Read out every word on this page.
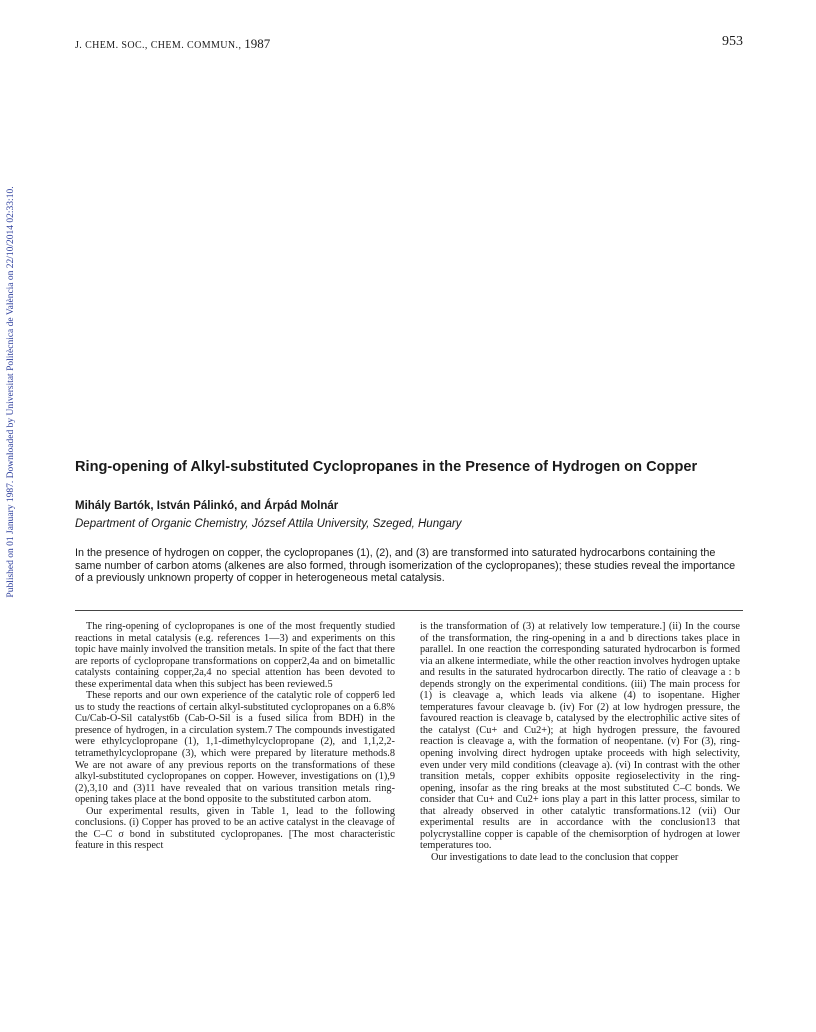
J. CHEM. SOC., CHEM. COMMUN., 1987	953
Published on 01 January 1987. Downloaded by Universitat Politècnica de València on 22/10/2014 02:33:10.	Ring-opening of Alkyl-substituted Cyclopropanes in the Presence of Hydrogen on Copper

Mihály Bartók, István Pálinkó, and Árpád Molnár

Department of Organic Chemistry, József Attila University, Szeged, Hungary

In the presence of hydrogen on copper, the cyclopropanes (1), (2), and (3) are transformed into saturated hydrocarbons containing the same number of carbon atoms (alkenes are also formed, through isomerization of the cyclopropanes); these studies reveal the importance of a previously unknown property of copper in heterogeneous metal catalysis.

The ring-opening of cyclopropanes is one of the most frequently studied reactions in metal catalysis (e.g. references 1—3) and experiments on this topic have mainly involved the transition metals. In spite of the fact that there are reports of cyclopropane transformations on copper2,4a and on bimetallic catalysts containing copper,2a,4 no special attention has been devoted to these experimental data when this subject has been reviewed.5

These reports and our own experience of the catalytic role of copper6 led us to study the reactions of certain alkyl-substituted cyclopropanes on a 6.8% Cu/Cab-O-Sil catalyst6b (Cab-O-Sil is a fused silica from BDH) in the presence of hydrogen, in a circulation system.7 The compounds investigated were ethylcyclopropane (1), 1,1-dimethylcyclopropane (2), and 1,1,2,2-tetramethylcyclopropane (3), which were prepared by literature methods.8 We are not aware of any previous reports on the transformations of these alkyl-substituted cyclopropanes on copper. However, investigations on (1),9 (2),3,10 and (3)11 have revealed that on various transition metals ring-opening takes place at the bond opposite to the substituted carbon atom.

Our experimental results, given in Table 1, lead to the following conclusions. (i) Copper has proved to be an active catalyst in the cleavage of the C–C σ bond in substituted cyclopropanes. [The most characteristic feature in this respect

is the transformation of (3) at relatively low temperature.] (ii) In the course of the transformation, the ring-opening in a and b directions takes place in parallel. In one reaction the corresponding saturated hydrocarbon is formed via an alkene intermediate, while the other reaction involves hydrogen uptake and results in the saturated hydrocarbon directly. The ratio of cleavage a : b depends strongly on the experimental conditions. (iii) The main process for (1) is cleavage a, which leads via alkene (4) to isopentane. Higher temperatures favour cleavage b. (iv) For (2) at low hydrogen pressure, the favoured reaction is cleavage b, catalysed by the electrophilic active sites of the catalyst (Cu+ and Cu2+); at high hydrogen pressure, the favoured reaction is cleavage a, with the formation of neopentane. (v) For (3), ring-opening involving direct hydrogen uptake proceeds with high selectivity, even under very mild conditions (cleavage a). (vi) In contrast with the other transition metals, copper exhibits opposite regioselectivity in the ring-opening, insofar as the ring breaks at the most substituted C–C bonds. We consider that Cu+ and Cu2+ ions play a part in this latter process, similar to that already observed in other catalytic transformations.12 (vii) Our experimental results are in accordance with the conclusion13 that polycrystalline copper is capable of the chemisorption of hydrogen at lower temperatures too.

Our investigations to date lead to the conclusion that copper
